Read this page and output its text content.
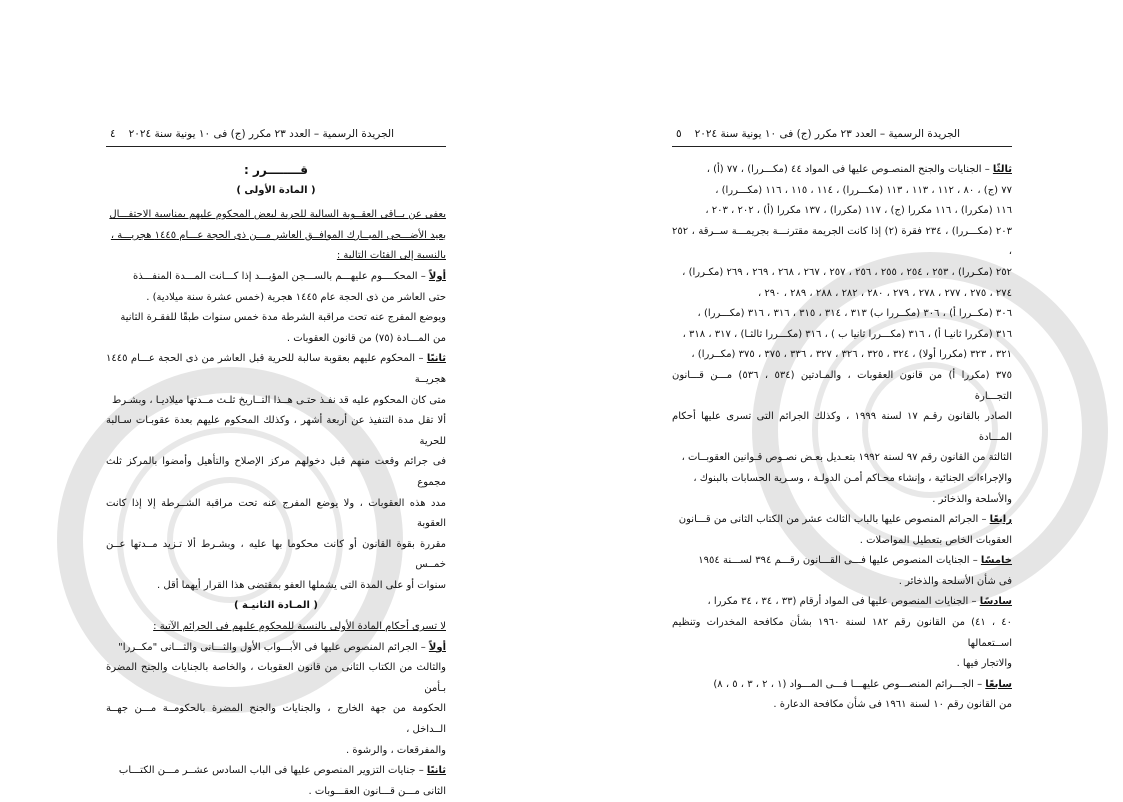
الجريدة الرسمية – العدد ٢٣ مكرر (ج) فى ١٠ يونية سنة ٢٠٢٤
٤

قــــــــرر :

( المادة الأولى )

يعفى عن بــاقى العقــوبة السالبة للحرية لبعض المحكوم عليهم بمناسبة الاحتفـــال

بعيد الأضـــحى المبــارك الموافــق العاشر مـــن ذى الحجة عـــام ١٤٤٥ هجريـــة ،

بالنسبة إلى الفئات التالية :

أولاً – المحكــــوم عليهـــم بالســـجن المؤبـــد إذا كـــانت المـــدة المنفـــذة

حتى العاشر من ذى الحجة عام ١٤٤٥ هجرية (خمس عشرة سنة ميلادية) .

ويوضع المفرج عنه تحت مراقبة الشرطة مدة خمس سنوات طبقًا للفقـرة الثانية

من المـــادة (٧٥) من قانون العقوبات .

ثانيًا – المحكوم عليهم بعقوبة سالبة للحرية قبل العاشر من ذى الحجة عـــام ١٤٤٥ هجريــة

متى كان المحكوم عليه قد نفـذ حتـى هــذا التــاريخ ثلـث مــدتها ميلاديـا ، وبشـرط

ألا تقل مدة التنفيذ عن أربعة أشهر ، وكذلك المحكوم عليهم بعدة عقوبـات سـالبة للحرية

فى جرائم وقعت منهم قبل دخولهم مركز الإصلاح والتأهيل وأمضوا بالمركز ثلث مجموع

مدد هذه العقوبات ، ولا يوضع المفرج عنه تحت مراقبة الشــرطة إلا إذا كانت العقوبة

مقررة بقوة القانون أو كانت محكوما بها عليه ، وبشـرط ألا تـزيد مــدتها عــن خمــس

سنوات أو على المدة التى يشملها العفو بمقتضى هذا القرار أيهما أقل .

( المـادة الثانيـة )

لا تسرى أحكام المادة الأولى بالنسبة للمحكوم عليهم فى الجرائم الآتية :

أولاً – الجرائم المنصوص عليها فى الأبـــواب الأول والثـــانى والثـــانى "مكــررا"

والثالث من الكتاب الثانى من قانون العقوبات ، والخاصة بالجنايات والجنح المضرة بـأمن

الحكومة من جهة الخارج ، والجنايات والجنح المضرة بالحكومــة مـــن جهــة الــداخل ،

والمفرقعات ، والرشوة .

ثانيًا – جنايات التزوير المنصوص عليها فى الباب السادس عشــر مـــن الكتـــاب

الثانى مـــن قـــانون العقـــوبات .

الجريدة الرسمية – العدد ٢٣ مكرر (ج) فى ١٠ يونية سنة ٢٠٢٤
٥

ثالثًا – الجنايات والجنح المنصـوص عليها فى المواد ٤٤ (مكـــررا) ، ٧٧ (أ) ،

٧٧ (ج) ، ٨٠ ، ١١٢ ، ١١٣ ، ١١٣ (مكـــررا) ، ١١٤ ، ١١٥ ، ١١٦ (مكـــررا) ،

١١٦ (مكررا) ، ١١٦ مكررا (ج) ، ١١٧ (مكررا) ، ١٣٧ مكررا (أ) ، ٢٠٢ ، ٢٠٣ ،

٢٠٣ (مكـــررا) ، ٢٣٤ فقرة (٢) إذا كانت الجريمة مقترنـــة بجريمـــة ســرقة ، ٢٥٢ ،

٢٥٢ (مكـررا) ، ٢٥٣ ، ٢٥٤ ، ٢٥٥ ، ٢٥٦ ، ٢٥٧ ، ٢٦٧ ، ٢٦٨ ، ٢٦٩ ، ٢٦٩ (مكـررا) ،

٢٧٤ ، ٢٧٥ ، ٢٧٧ ، ٢٧٨ ، ٢٧٩ ، ٢٨٠ ، ٢٨٢ ، ٢٨٨ ، ٢٨٩ ، ٢٩٠ ،

٣٠٦ (مكــررا أ) ، ٣٠٦ (مكــررا ب) ٣١٣ ، ٣١٤ ، ٣١٥ ، ٣١٦ ، ٣١٦ (مكـــررا) ،

٣١٦ (مكررا ثانيـا أ) ، ٣١٦ (مكـــررا ثانيا ب ) ، ٣١٦ (مكـــررا ثالثـا) ، ٣١٧ ، ٣١٨ ،

٣٢١ ، ٣٢٣ (مكررا أولا) ، ٣٢٤ ، ٣٢٥ ، ٣٢٦ ، ٣٢٧ ، ٣٣٦ ، ٣٧٥ ، ٣٧٥ (مكــررا) ،

٣٧٥ (مكررا أ) من قانون العقوبات ، والمـادتين (٥٣٤ ، ٥٣٦) مـــن قـــانون التجـــارة

الصادر بالقانون رقـم ١٧ لسنة ١٩٩٩ ، وكذلك الجرائم التى تسرى عليها أحكام المـــادة

الثالثة من القانون رقم ٩٧ لسنة ١٩٩٢ بتعـديل بعـض نصـوص قـوانين العقوبــات ،

والإجراءات الجنائية ، وإنشاء محـاكم أمـن الدولـة ، وسـرية الحسابات بالبنوك ،

والأسلحة والذخائر .

رابعًا – الجرائم المنصوص عليها بالباب الثالث عشر من الكتاب الثانى من قـــانون

العقوبات الخاص بتعطيل المواصلات .

خامسًا – الجنايات المنصوص عليها فـــى القـــانون رقـــم ٣٩٤ لســـنة ١٩٥٤

فى شأن الأسلحة والذخائر .

سادسًا – الجنايات المنصوص عليها فى المواد أرقام (٣٣ ، ٣٤ ، ٣٤ مكررا ،

٤٠ ، ٤١) من القانون رقم ١٨٢ لسنة ١٩٦٠ بشأن مكافحة المخدرات وتنظيم اســتعمالها

والاتجار فيها .

سابعًا – الجـــرائم المنصـــوص عليهـــا فـــى المـــواد (١ ، ٢ ، ٣ ، ٥ ، ٨)

من القانون رقم ١٠ لسنة ١٩٦١ فى شأن مكافحة الدعارة .
